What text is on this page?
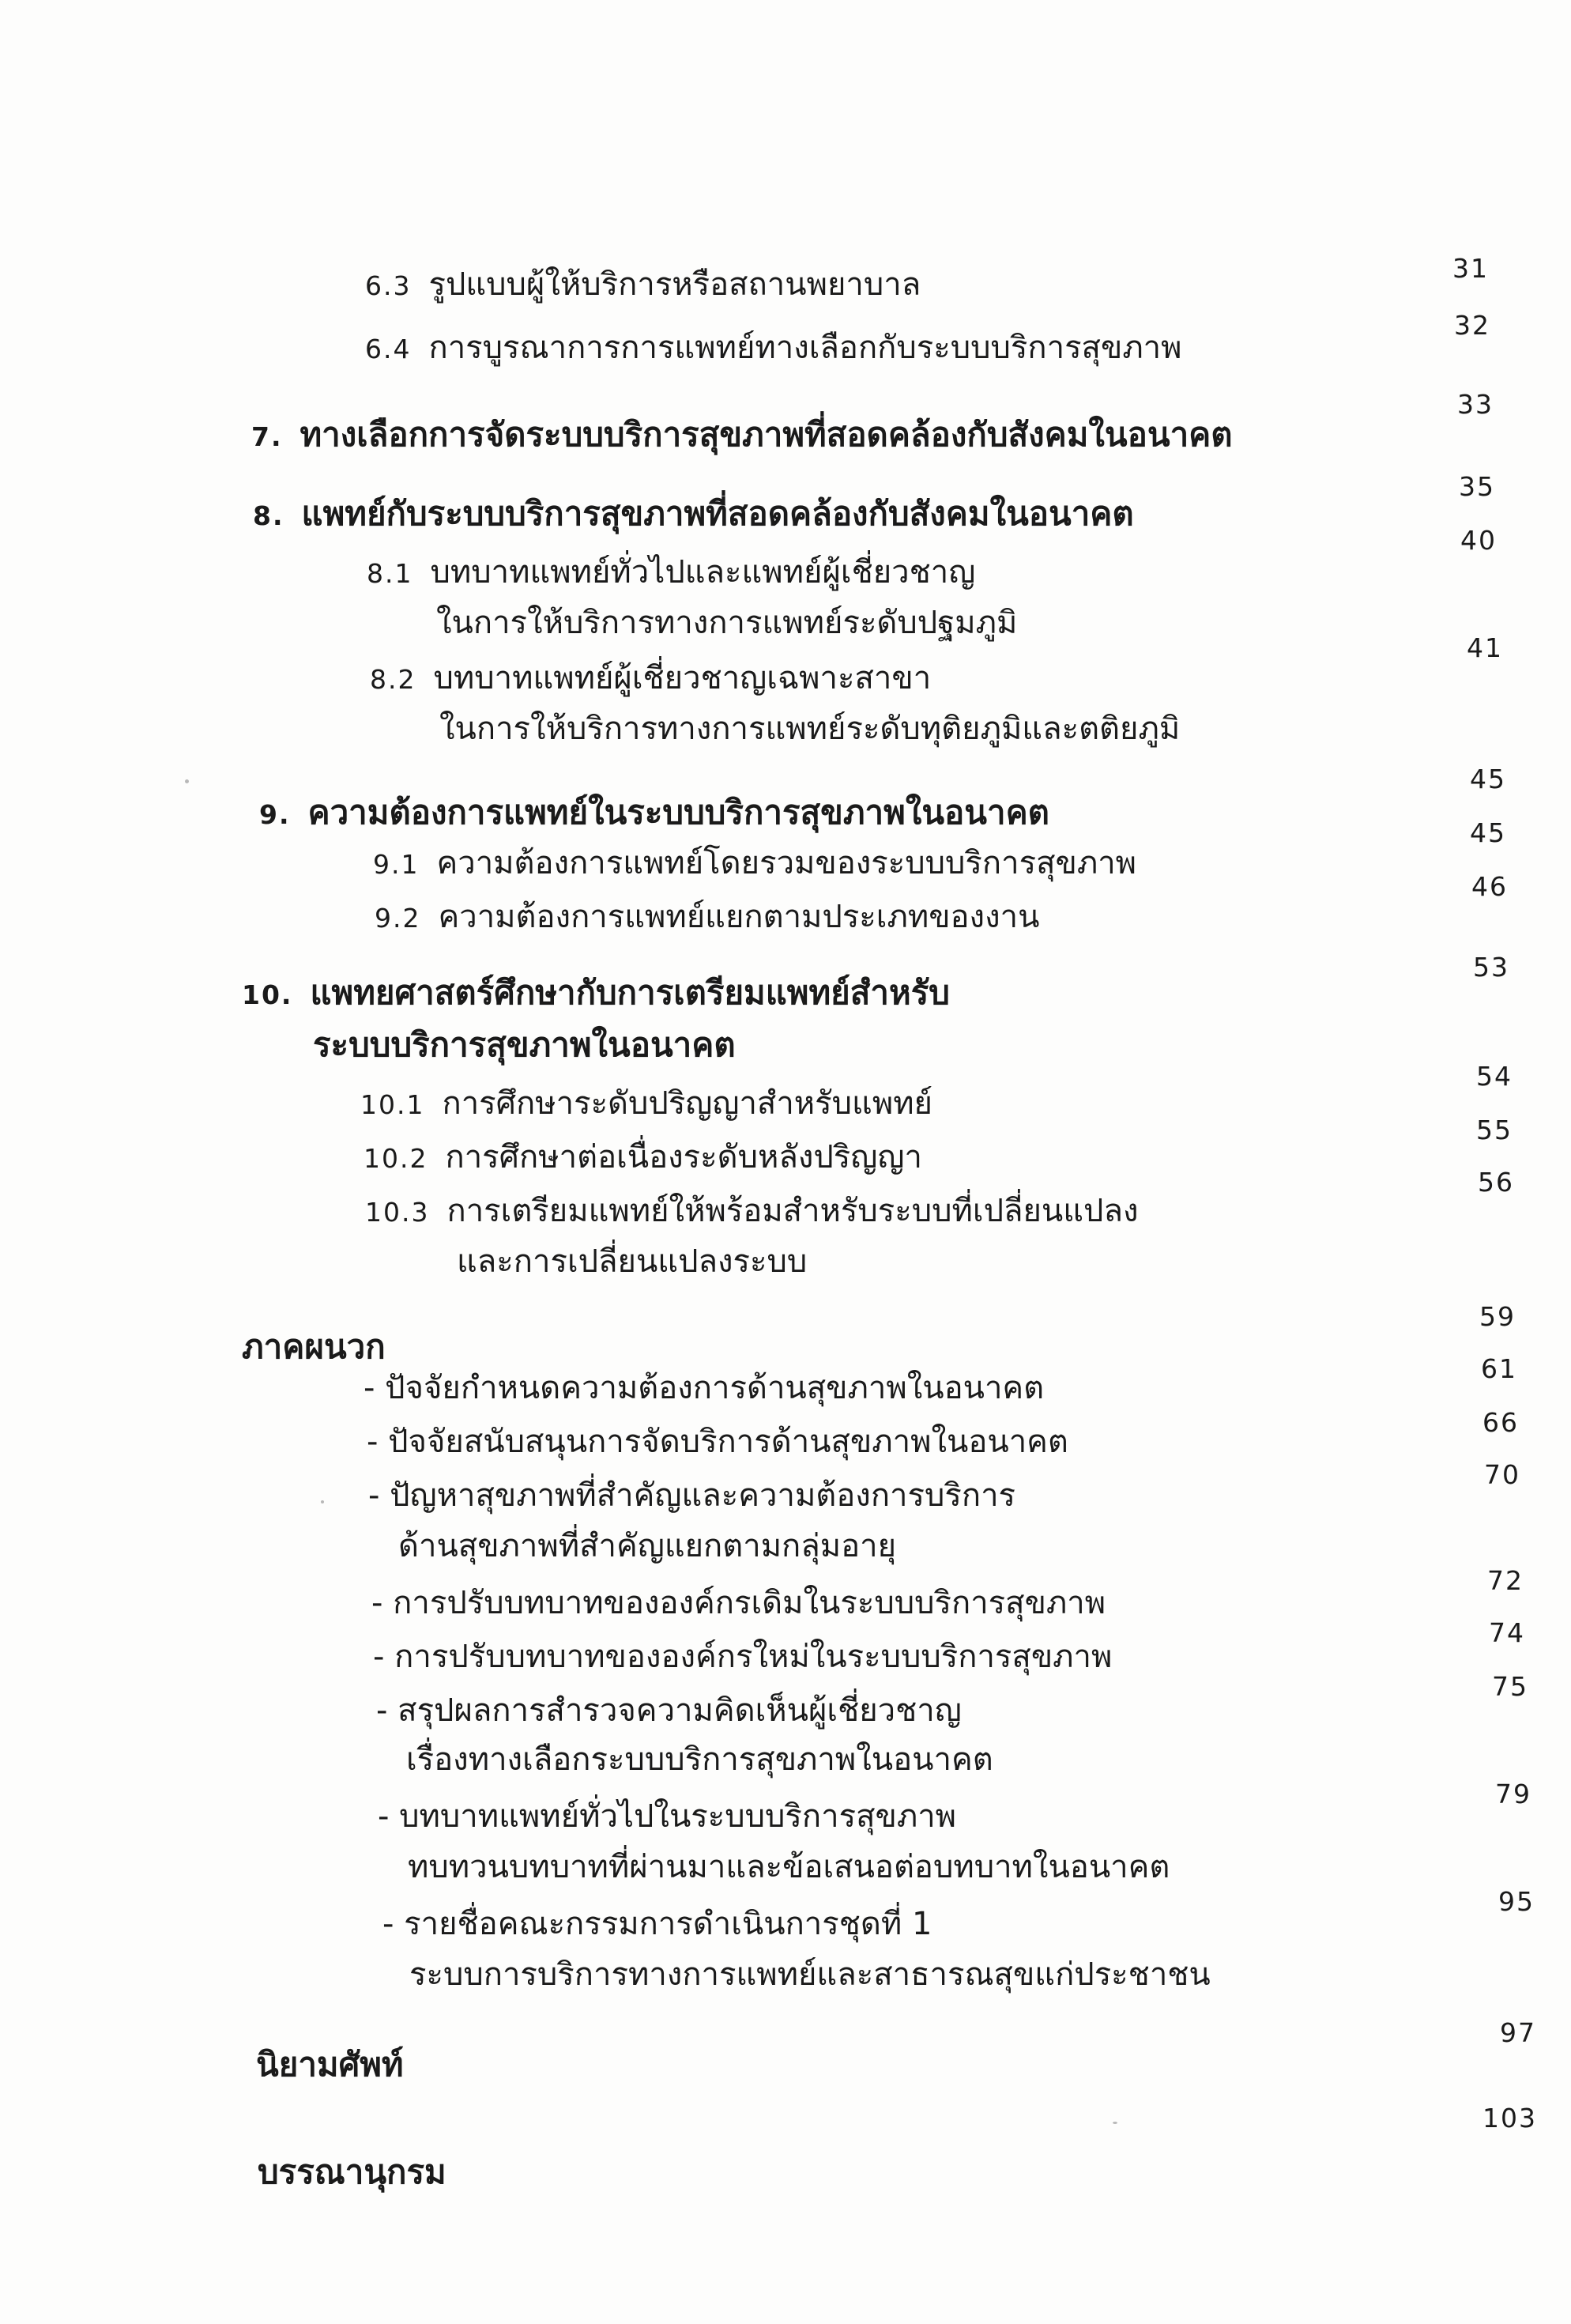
6.3 รูปแบบผู้ให้บริการหรือสถานพยาบาล	31
6.4 การบูรณาการการแพทย์ทางเลือกกับระบบบริการสุขภาพ
32
7. ทางเลือกการจัดระบบบริการสุขภาพที่สอดคล้องกับสังคมในอนาคต
33
8. แพทย์กับระบบบริการสุขภาพที่สอดคล้องกับสังคมในอนาคต
35
8.1 บทบาทแพทย์ทั่วไปและแพทย์ผู้เชี่ยวชาญ
ในการให้บริการทางการแพทย์ระดับปฐมภูมิ
40
8.2 บทบาทแพทย์ผู้เชี่ยวชาญเฉพาะสาขา
ในการให้บริการทางการแพทย์ระดับทุติยภูมิและตติยภูมิ
41
9. ความต้องการแพทย์ในระบบบริการสุขภาพในอนาคต
45
9.1 ความต้องการแพทย์โดยรวมของระบบบริการสุขภาพ
45
9.2 ความต้องการแพทย์แยกตามประเภทของงาน
46
10. แพทยศาสตร์ศึกษากับการเตรียมแพทย์สำหรับ
ระบบบริการสุขภาพในอนาคต
53
10.1 การศึกษาระดับปริญญาสำหรับแพทย์
54
10.2 การศึกษาต่อเนื่องระดับหลังปริญญา
55
10.3 การเตรียมแพทย์ให้พร้อมสำหรับระบบที่เปลี่ยนแปลง
และการเปลี่ยนแปลงระบบ
56
ภาคผนวก
59
- ปัจจัยกำหนดความต้องการด้านสุขภาพในอนาคต
61
- ปัจจัยสนับสนุนการจัดบริการด้านสุขภาพในอนาคต
66
- ปัญหาสุขภาพที่สำคัญและความต้องการบริการ
ด้านสุขภาพที่สำคัญแยกตามกลุ่มอายุ
70
- การปรับบทบาทขององค์กรเดิมในระบบบริการสุขภาพ
72
- การปรับบทบาทขององค์กรใหม่ในระบบบริการสุขภาพ
74
- สรุปผลการสำรวจความคิดเห็นผู้เชี่ยวชาญ
เรื่องทางเลือกระบบบริการสุขภาพในอนาคต
75
- บทบาทแพทย์ทั่วไปในระบบบริการสุขภาพ
ทบทวนบทบาทที่ผ่านมาและข้อเสนอต่อบทบาทในอนาคต
79
- รายชื่อคณะกรรมการดำเนินการชุดที่ 1
ระบบการบริการทางการแพทย์และสาธารณสุขแก่ประชาชน
95
นิยามศัพท์
97
บรรณานุกรม
103
